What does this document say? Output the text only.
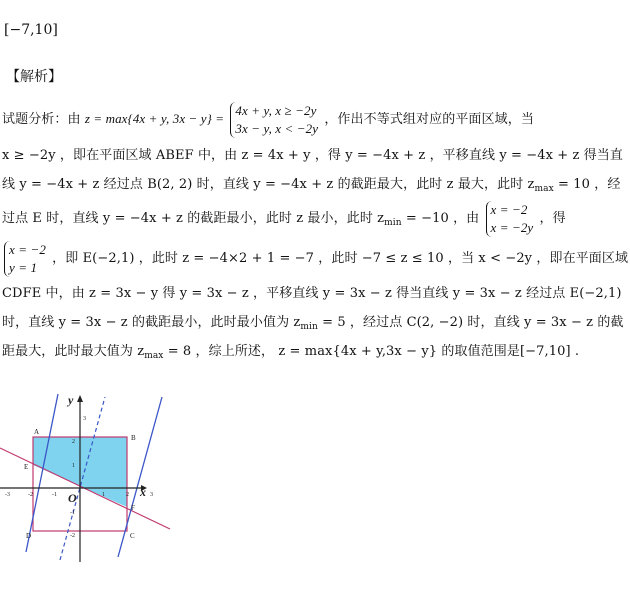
[−7,10]
【解析】
试题分析：由 z = max{4x + y, 3x − y} =
4x + y, x ≥ −2y
3x − y, x < −2y
，作出不等式组对应的平面区域，当
x ≥ −2y ，即在平面区域 ABEF 中，由 z = 4x + y ，得 y = −4x + z ，平移直线 y = −4x + z 得当直
线 y = −4x + z 经过点 B(2, 2) 时，直线 y = −4x + z 的截距最大，此时 z 最大，此时 $z_{max} = 10$ ，经
过点 E 时，直线 y = −4x + z 的截距最小，此时 z 最小，此时 $z_{min} = -10$ ，由
x = −2
x = −2y
，得
x = −2
y = 1
，即 E(−2,1) ，此时 z = −4×2 + 1 = −7 ，此时 −7 ≤ z ≤ 10 ，当 x < −2y ，即在平面区域
CDFE 中，由 z = 3x − y 得 y = 3x − z ，平移直线 y = 3x − z 得当直线 y = 3x − z 经过点 E(−2,1)
时，直线 y = 3x − z 的截距最小，此时最小值为 $z_{min} = 5$ ，经过点 C(2, −2) 时，直线 y = 3x − z 的截
距最大，此时最大值为 $z_{max} = 8$ ，综上所述， z = max{4x + y,3x − y} 的取值范围是[−7,10] .
x
y
O
A
B
C
D
E
F
-3	-2	-1	1	2	3
3
2
1
-1
-2
